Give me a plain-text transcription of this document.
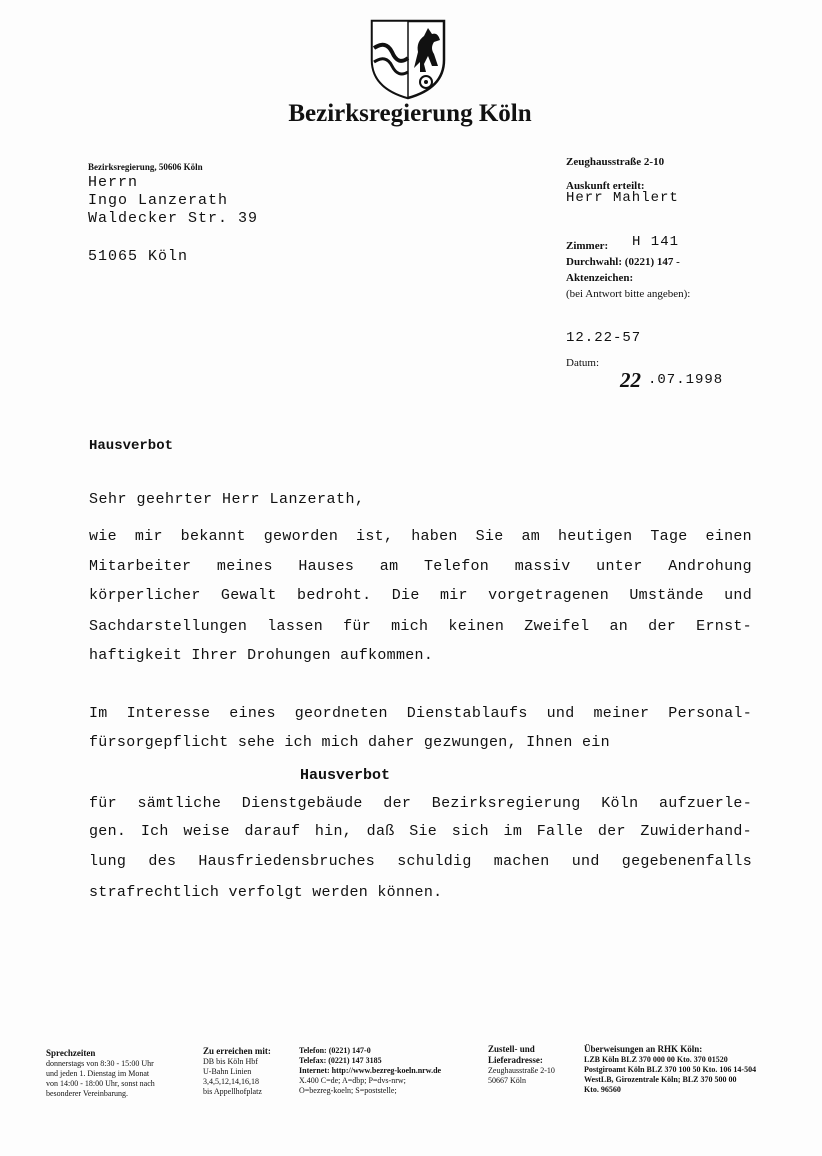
Bezirksregierung Köln
Bezirksregierung, 50606 Köln
Herrn
Ingo Lanzerath
Waldecker Str. 39
51065 Köln
Zeughausstraße 2-10
Auskunft erteilt:
Herr Mahlert
Zimmer: H 141
Durchwahl: (0221) 147 -
Aktenzeichen:
(bei Antwort bitte angeben):
12.22-57
Datum:
22 .07.1998
Hausverbot
Sehr geehrter Herr Lanzerath,
wie mir bekannt geworden ist, haben Sie am heutigen Tage einen
Mitarbeiter meines Hauses am Telefon massiv unter Androhung
körperlicher Gewalt bedroht. Die mir vorgetragenen Umstände und
Sachdarstellungen lassen für mich keinen Zweifel an der Ernst-
haftigkeit Ihrer Drohungen aufkommen.
Im Interesse eines geordneten Dienstablaufs und meiner Personal-
fürsorgepflicht sehe ich mich daher gezwungen, Ihnen ein
Hausverbot
für sämtliche Dienstgebäude der Bezirksregierung Köln aufzuerle-
gen. Ich weise darauf hin, daß Sie sich im Falle der Zuwiderhand-
lung des Hausfriedensbruches schuldig machen und gegebenenfalls
strafrechtlich verfolgt werden können.
Sprechzeiten
donnerstags von 8:30 - 15:00 Uhr
und jeden 1. Dienstag im Monat
von 14:00 - 18:00 Uhr, sonst nach
besonderer Vereinbarung.
Zu erreichen mit:
DB bis Köln Hbf
U-Bahn Linien
3,4,5,12,14,16,18
bis Appellhofplatz
Telefon: (0221) 147-0
Telefax: (0221) 147 3185
Internet: http://www.bezreg-koeln.nrw.de
X.400 C=de; A=dbp; P=dvs-nrw;
O=bezreg-koeln; S=poststelle;
Zustell- und
Lieferadresse:
Zeughausstraße 2-10
50667 Köln
Überweisungen an RHK Köln:
LZB Köln BLZ 370 000 00 Kto. 370 01520
Postgiroamt Köln BLZ 370 100 50 Kto. 106 14-504
WestLB, Girozentrale Köln; BLZ 370 500 00
Kto. 96560
